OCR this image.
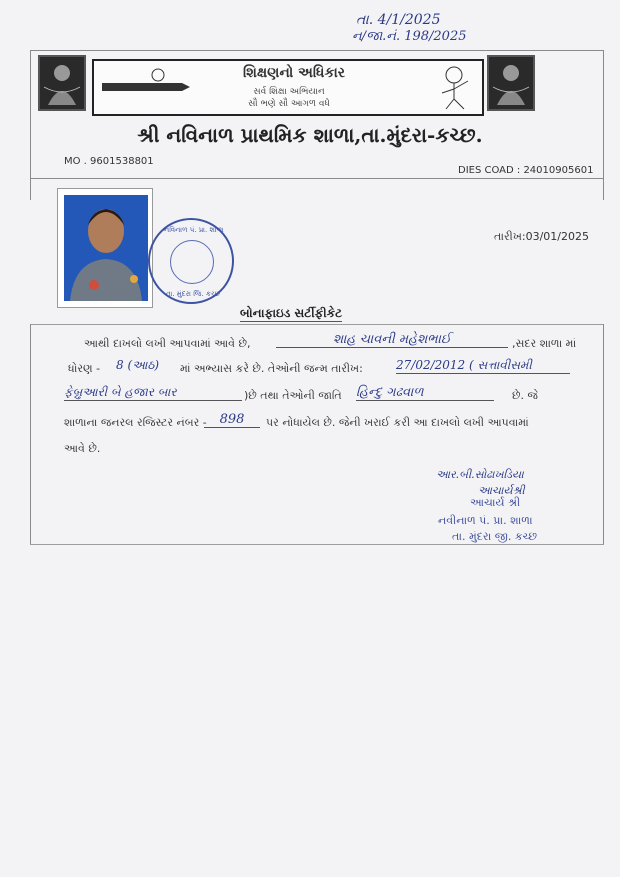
તા. 4/1/2025
ન/જા.નં. 198/2025
શિક્ષણનો અધિકાર
સર્વ શિક્ષા અભિયાન
સૌ ભણે સૌ આગળ વધે
શ્રી નવિનાળ પ્રાથમિક શાળા,તા.મુંદરા-કચ્છ.
MO . 9601538801
DIES COAD : 24010905601
નવિનાળ પં. પ્રા. શાળા
તા. મુંદરા જિ. કચ્છ
તારીખ:03/01/2025
બોનાફાઇડ સર્ટીફીકેટ
આથી દાખલો લખી આપવામાં આવે છે,	શાહ ચાવની મહેશભાઈ	,સદર શાળા માં
ધોરણ - 8 (આઠ) માં અભ્યાસ કરે છે. તેઓની જન્મ તારીખ:	27/02/2012 ( સત્તાવીસમી
ફેબ્રુઆરી બે હજાર બાર	)છે તથા તેઓની જાતિ હિન્દુ ગઢવાળ	છે. જે
શાળાના જનરલ રજિસ્ટર નંબર - 898	પર નોધાયેલ છે. જેની ખરાઈ કરી આ દાખલો લખી આપવામાં
આવે છે.
આર.બી.સોઢાખડિયા
આચાર્યશ્રી
આચાર્ય શ્રી
નવીનાળ પં. પ્રા. શાળા
તા. મુંદરા જી. કચ્છ
